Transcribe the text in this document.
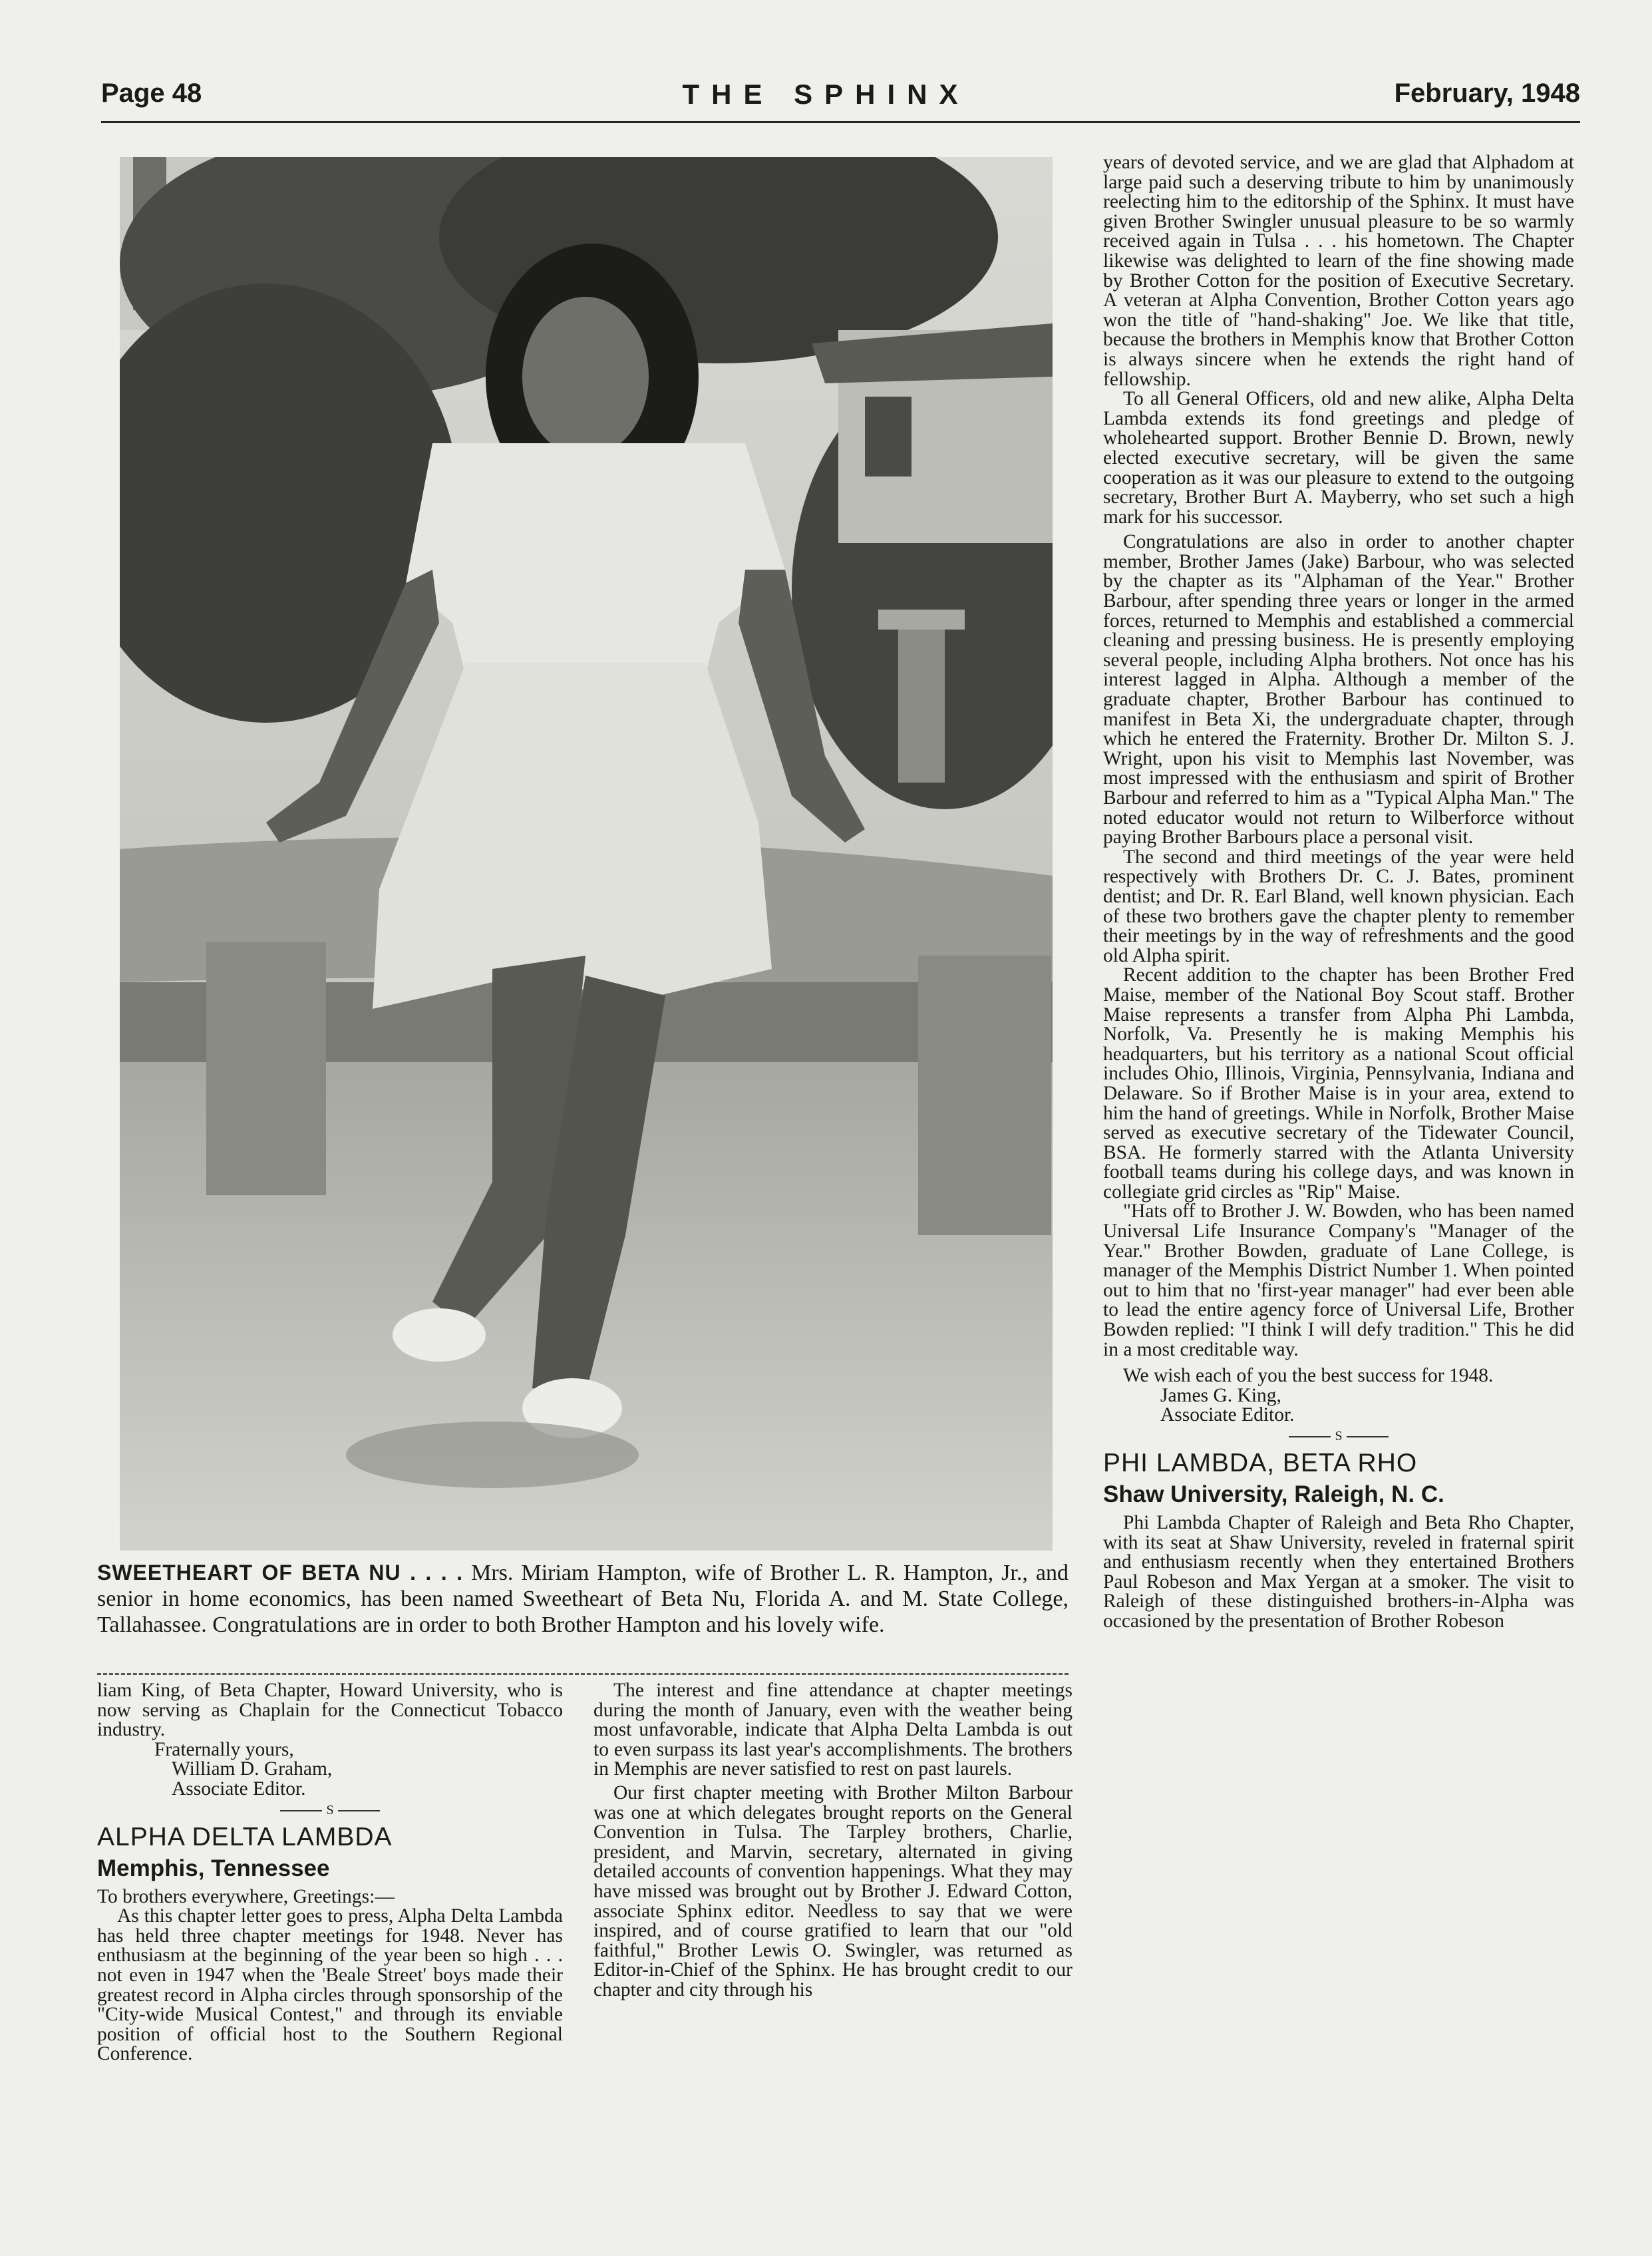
Page 48	THE SPHINX	February, 1948
SWEETHEART OF BETA NU . . . . Mrs. Miriam Hampton, wife of Brother L. R. Hampton, Jr., and senior in home economics, has been named Sweetheart of Beta Nu, Florida A. and M. State College, Tallahassee. Congratulations are in order to both Brother Hampton and his lovely wife.

liam King, of Beta Chapter, Howard University, who is now serving as Chaplain for the Connecticut Tobacco industry.

Fraternally yours,

William D. Graham,

Associate Editor.

S
ALPHA DELTA LAMBDA
Memphis, Tennessee

To brothers everywhere, Greetings:—

As this chapter letter goes to press, Alpha Delta Lambda has held three chapter meetings for 1948. Never has enthusiasm at the beginning of the year been so high . . . not even in 1947 when the 'Beale Street' boys made their greatest record in Alpha circles through sponsorship of the "City-wide Musical Contest," and through its enviable position of official host to the Southern Regional Conference.

The interest and fine attendance at chapter meetings during the month of January, even with the weather being most unfavorable, indicate that Alpha Delta Lambda is out to even surpass its last year's accomplishments. The brothers in Memphis are never satisfied to rest on past laurels.

Our first chapter meeting with Brother Milton Barbour was one at which delegates brought reports on the General Convention in Tulsa. The Tarpley brothers, Charlie, president, and Marvin, secretary, alternated in giving detailed accounts of convention happenings. What they may have missed was brought out by Brother J. Edward Cotton, associate Sphinx editor. Needless to say that we were inspired, and of course gratified to learn that our "old faithful," Brother Lewis O. Swingler, was returned as Editor-in-Chief of the Sphinx. He has brought credit to our chapter and city through his

years of devoted service, and we are glad that Alphadom at large paid such a deserving tribute to him by unanimously reelecting him to the editorship of the Sphinx. It must have given Brother Swingler unusual pleasure to be so warmly received again in Tulsa . . . his hometown. The Chapter likewise was delighted to learn of the fine showing made by Brother Cotton for the position of Executive Secretary. A veteran at Alpha Convention, Brother Cotton years ago won the title of "hand-shaking" Joe. We like that title, because the brothers in Memphis know that Brother Cotton is always sincere when he extends the right hand of fellowship.

To all General Officers, old and new alike, Alpha Delta Lambda extends its fond greetings and pledge of wholehearted support. Brother Bennie D. Brown, newly elected executive secretary, will be given the same cooperation as it was our pleasure to extend to the outgoing secretary, Brother Burt A. Mayberry, who set such a high mark for his successor.

Congratulations are also in order to another chapter member, Brother James (Jake) Barbour, who was selected by the chapter as its "Alphaman of the Year." Brother Barbour, after spending three years or longer in the armed forces, returned to Memphis and established a commercial cleaning and pressing business. He is presently employing several people, including Alpha brothers. Not once has his interest lagged in Alpha. Although a member of the graduate chapter, Brother Barbour has continued to manifest in Beta Xi, the undergraduate chapter, through which he entered the Fraternity. Brother Dr. Milton S. J. Wright, upon his visit to Memphis last November, was most impressed with the enthusiasm and spirit of Brother Barbour and referred to him as a "Typical Alpha Man." The noted educator would not return to Wilberforce without paying Brother Barbours place a personal visit.

The second and third meetings of the year were held respectively with Brothers Dr. C. J. Bates, prominent dentist; and Dr. R. Earl Bland, well known physician. Each of these two brothers gave the chapter plenty to remember their meetings by in the way of refreshments and the good old Alpha spirit.

Recent addition to the chapter has been Brother Fred Maise, member of the National Boy Scout staff. Brother Maise represents a transfer from Alpha Phi Lambda, Norfolk, Va. Presently he is making Memphis his headquarters, but his territory as a national Scout official includes Ohio, Illinois, Virginia, Pennsylvania, Indiana and Delaware. So if Brother Maise is in your area, extend to him the hand of greetings. While in Norfolk, Brother Maise served as executive secretary of the Tidewater Council, BSA. He formerly starred with the Atlanta University football teams during his college days, and was known in collegiate grid circles as "Rip" Maise.

"Hats off to Brother J. W. Bowden, who has been named Universal Life Insurance Company's "Manager of the Year." Brother Bowden, graduate of Lane College, is manager of the Memphis District Number 1. When pointed out to him that no 'first-year manager" had ever been able to lead the entire agency force of Universal Life, Brother Bowden replied: "I think I will defy tradition." This he did in a most creditable way.

We wish each of you the best success for 1948.

James G. King,

Associate Editor.

S
PHI LAMBDA, BETA RHO
Shaw University, Raleigh, N. C.

Phi Lambda Chapter of Raleigh and Beta Rho Chapter, with its seat at Shaw University, reveled in fraternal spirit and enthusiasm recently when they entertained Brothers Paul Robeson and Max Yergan at a smoker. The visit to Raleigh of these distinguished brothers-in-Alpha was occasioned by the presentation of Brother Robeson
